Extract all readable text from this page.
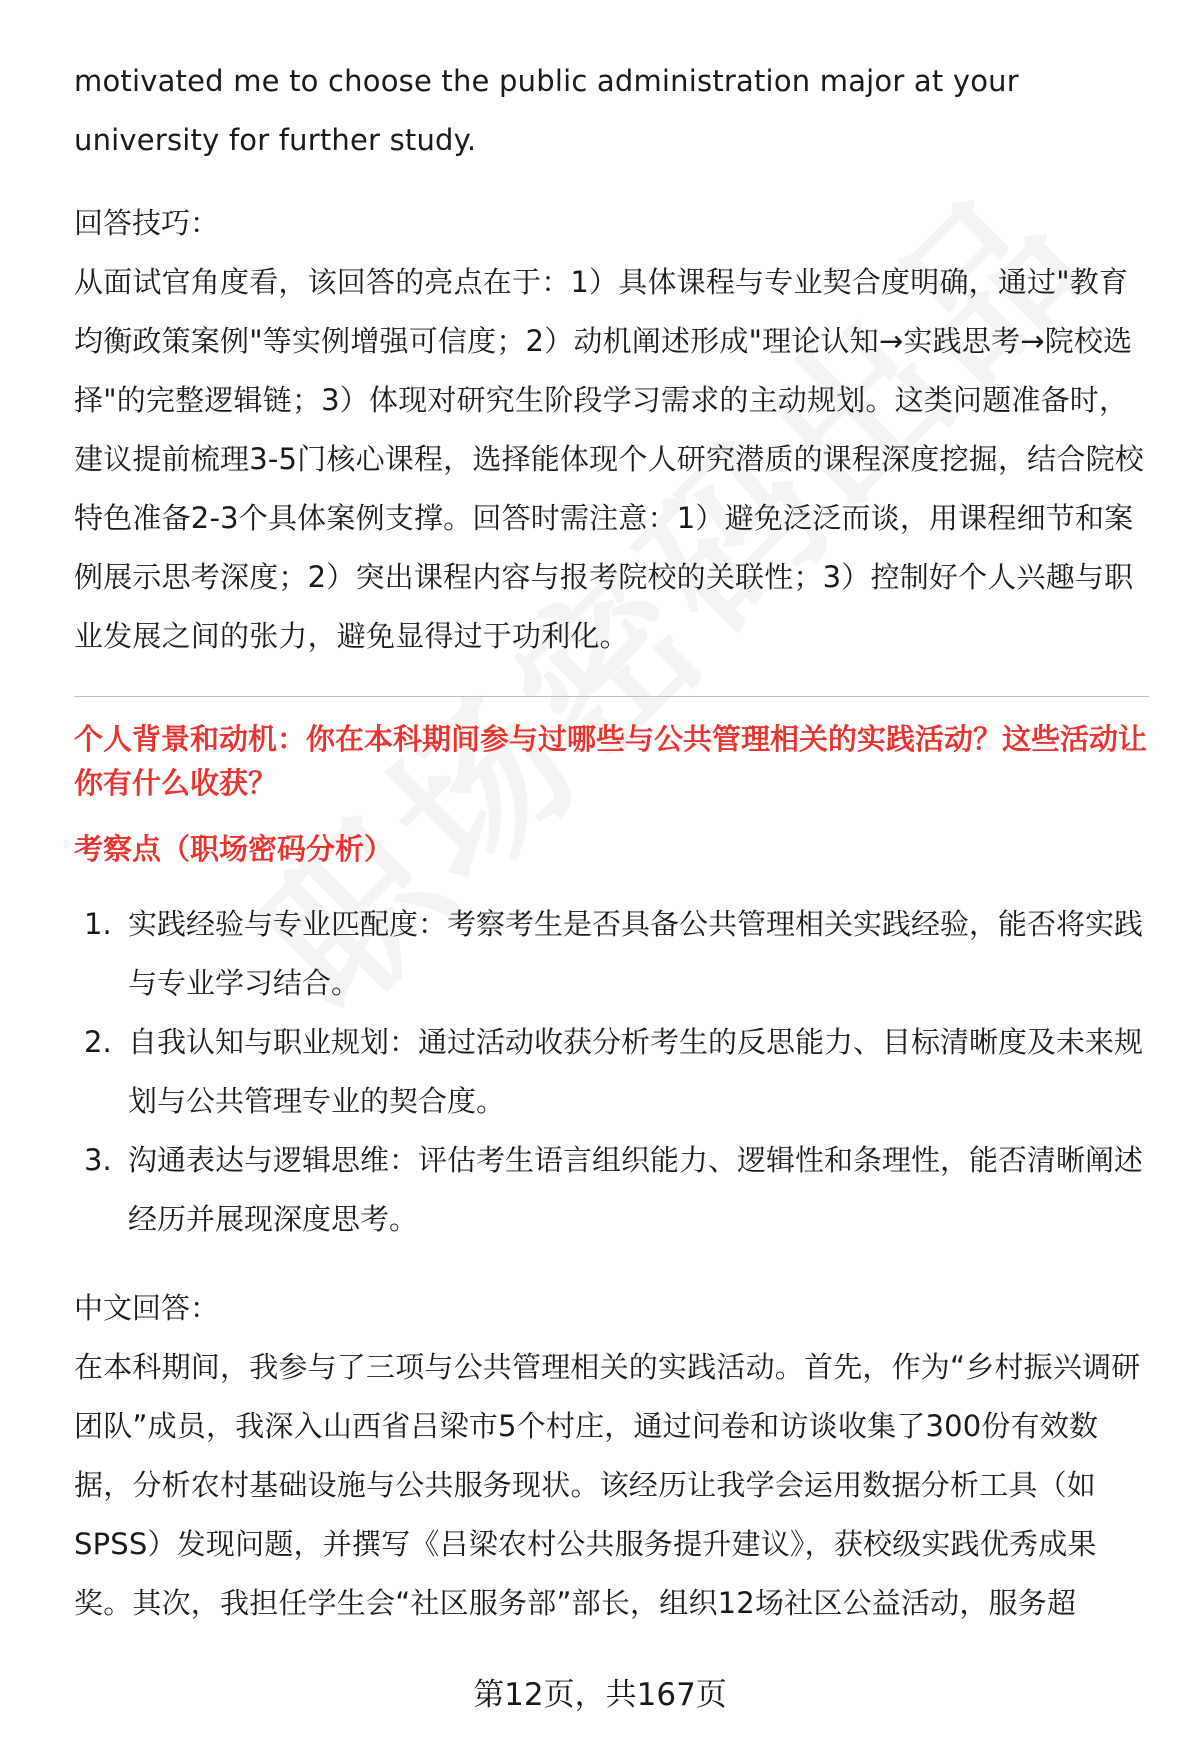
motivated me to choose the public administration major at your university for further study.

回答技巧：

从面试官角度看，该回答的亮点在于：1）具体课程与专业契合度明确，通过"教育均衡政策案例"等实例增强可信度；2）动机阐述形成"理论认知→实践思考→院校选择"的完整逻辑链；3）体现对研究生阶段学习需求的主动规划。这类问题准备时，建议提前梳理3-5门核心课程，选择能体现个人研究潜质的课程深度挖掘，结合院校特色准备2-3个具体案例支撑。回答时需注意：1）避免泛泛而谈，用课程细节和案例展示思考深度；2）突出课程内容与报考院校的关联性；3）控制好个人兴趣与职业发展之间的张力，避免显得过于功利化。

个人背景和动机：你在本科期间参与过哪些与公共管理相关的实践活动？这些活动让你有什么收获？

考察点（职场密码分析）

1. 实践经验与专业匹配度：考察考生是否具备公共管理相关实践经验，能否将实践与专业学习结合。
2. 自我认知与职业规划：通过活动收获分析考生的反思能力、目标清晰度及未来规划与公共管理专业的契合度。
3. 沟通表达与逻辑思维：评估考生语言组织能力、逻辑性和条理性，能否清晰阐述经历并展现深度思考。

中文回答：

在本科期间，我参与了三项与公共管理相关的实践活动。首先，作为“乡村振兴调研团队”成员，我深入山西省吕梁市5个村庄，通过问卷和访谈收集了300份有效数据，分析农村基础设施与公共服务现状。该经历让我学会运用数据分析工具（如SPSS）发现问题，并撰写《吕梁农村公共服务提升建议》，获校级实践优秀成果奖。其次，我担任学生会“社区服务部”部长，组织12场社区公益活动，服务超

第12页，共167页
